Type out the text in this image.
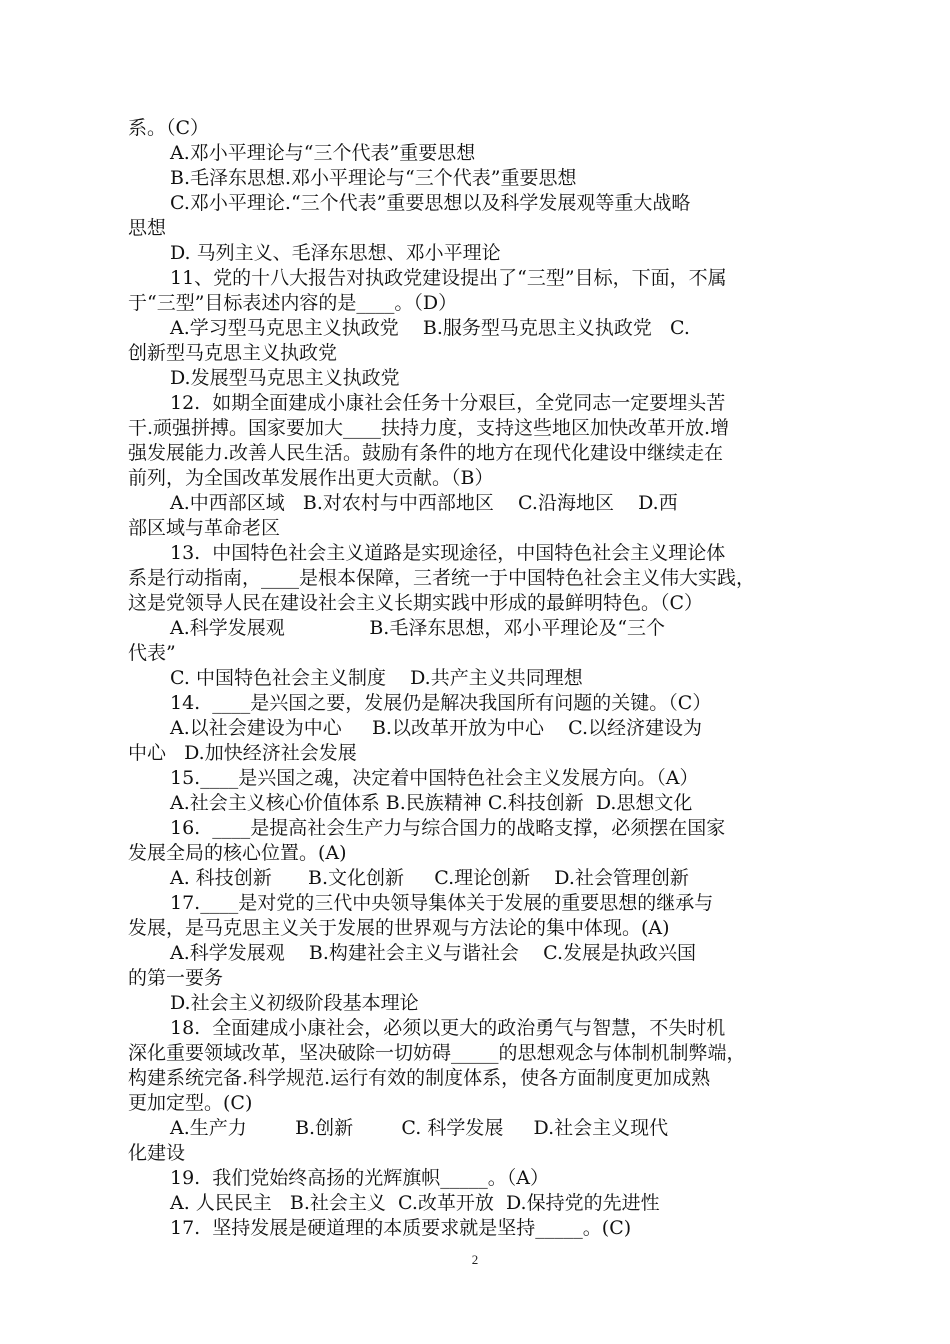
系。（C）
A.邓小平理论与“三个代表”重要思想
B.毛泽东思想.邓小平理论与“三个代表”重要思想
C.邓小平理论.“三个代表”重要思想以及科学发展观等重大战略
思想
D. 马列主义、毛泽东思想、邓小平理论
11、党的十八大报告对执政党建设提出了“三型”目标，下面，不属
于“三型”目标表述内容的是____。（D）
A.学习型马克思主义执政党    B.服务型马克思主义执政党   C.
创新型马克思主义执政党
D.发展型马克思主义执政党
12.  如期全面建成小康社会任务十分艰巨，全党同志一定要埋头苦
干.顽强拼搏。国家要加大____扶持力度，支持这些地区加快改革开放.增
强发展能力.改善人民生活。鼓励有条件的地方在现代化建设中继续走在
前列，为全国改革发展作出更大贡献。（B）
A.中西部区域   B.对农村与中西部地区    C.沿海地区    D.西
部区域与革命老区
13.  中国特色社会主义道路是实现途径，中国特色社会主义理论体
系是行动指南，____是根本保障，三者统一于中国特色社会主义伟大实践，
这是党领导人民在建设社会主义长期实践中形成的最鲜明特色。（C）
A.科学发展观              B.毛泽东思想，邓小平理论及“三个
代表”
C. 中国特色社会主义制度    D.共产主义共同理想
14.  ____是兴国之要，发展仍是解决我国所有问题的关键。（C）
A.以社会建设为中心     B.以改革开放为中心    C.以经济建设为
中心   D.加快经济社会发展
15.____是兴国之魂，决定着中国特色社会主义发展方向。（A）
A.社会主义核心价值体系 B.民族精神 C.科技创新  D.思想文化
16.  ____是提高社会生产力与综合国力的战略支撑，必须摆在国家
发展全局的核心位置。(A)
A. 科技创新      B.文化创新     C.理论创新    D.社会管理创新
17.____是对党的三代中央领导集体关于发展的重要思想的继承与
发展，是马克思主义关于发展的世界观与方法论的集中体现。(A)
A.科学发展观    B.构建社会主义与谐社会    C.发展是执政兴国
的第一要务
D.社会主义初级阶段基本理论
18.  全面建成小康社会，必须以更大的政治勇气与智慧，不失时机
深化重要领域改革，坚决破除一切妨碍_____的思想观念与体制机制弊端，
构建系统完备.科学规范.运行有效的制度体系，使各方面制度更加成熟
更加定型。(C)
A.生产力        B.创新        C. 科学发展     D.社会主义现代
化建设
19.  我们党始终高扬的光辉旗帜_____。（A）
A. 人民民主   B.社会主义  C.改革开放  D.保持党的先进性
17.  坚持发展是硬道理的本质要求就是坚持_____。(C)
2
